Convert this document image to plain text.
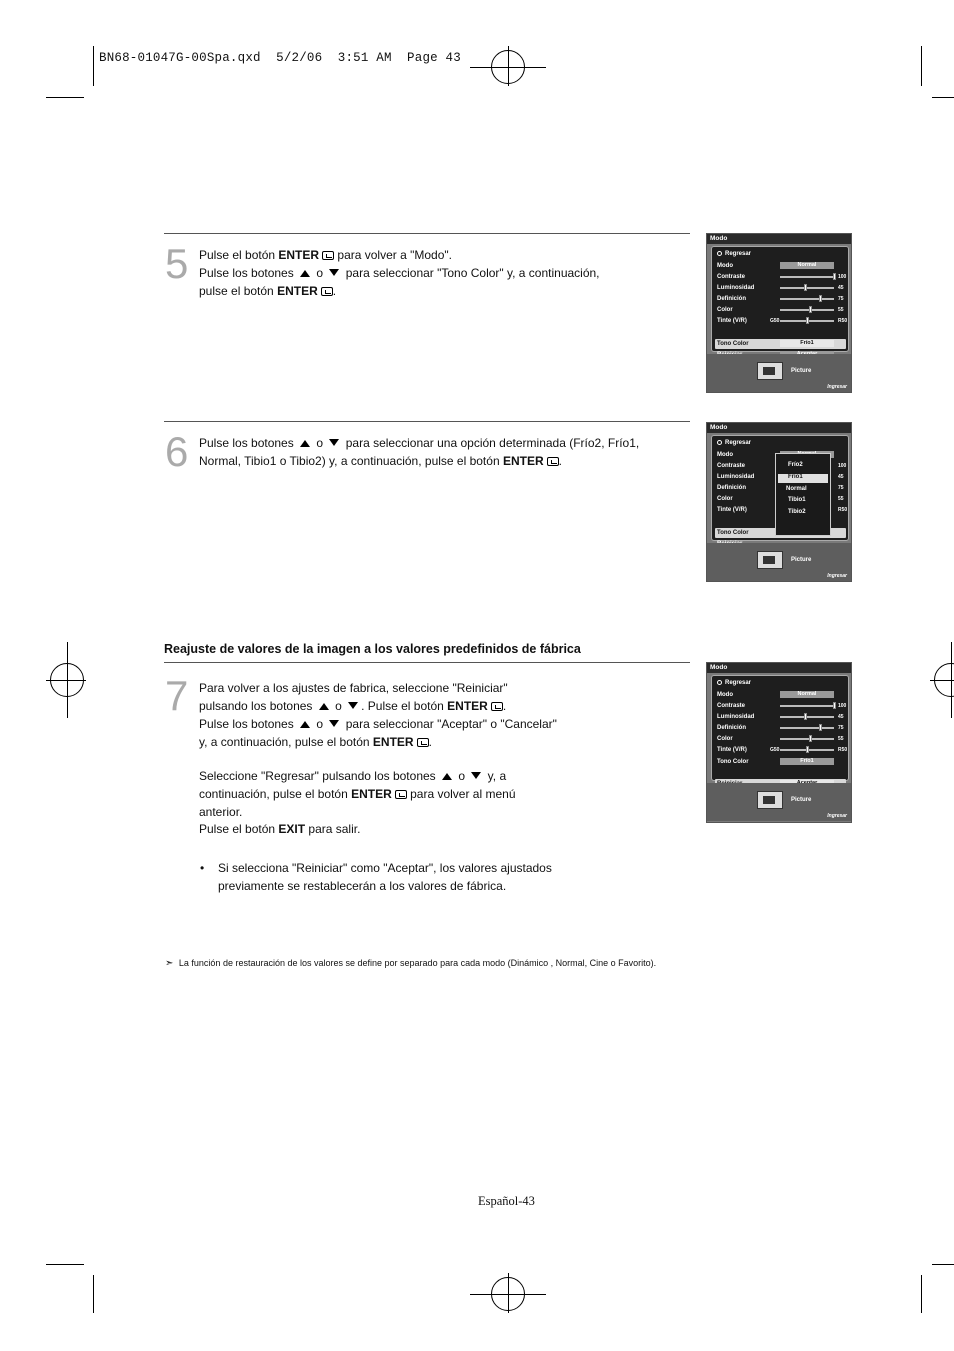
BN68-01047G-00Spa.qxd  5/2/06  3:51 AM  Page 43
5 Pulse el botón ENTER para volver a "Modo".
Pulse los botones  o  para seleccionar "Tono Color" y, a continuación,
pulse el botón ENTER .
6 Pulse los botones  o  para seleccionar una opción determinada (Frío2, Frío1,
Normal, Tibio1 o Tibio2) y, a continuación, pulse el botón ENTER .
Reajuste de valores de la imagen a los valores predefinidos de fábrica
7 Para volver a los ajustes de fabrica, seleccione "Reiniciar"
pulsando los botones  o . Pulse el botón ENTER .
Pulse los botones  o  para seleccionar "Aceptar" o "Cancelar"
y, a continuación, pulse el botón ENTER .
Seleccione "Regresar" pulsando los botones  o  y, a
continuación, pulse el botón ENTER para volver al menú
anterior.
Pulse el botón EXIT para salir.
• Si selecciona "Reiniciar" como "Aceptar", los valores ajustados
previamente se restablecerán a los valores de fábrica.
➣ La función de restauración de los valores se define por separado para cada modo (Dinámico , Normal, Cine o Favorito).
Español-43
Modo
Regresar
Modo	Normal
Contraste	100
Luminosidad	45
Definición	75
Color	55
Tinte (V/R)	G50	R50
Tono Color	Frío1
Picture
Ingresar
Modo
Regresar
Modo
Contraste	100
Luminosidad	45
Definición	75
Color	55
Tinte (V/R)	R50
Tono Color
Frío2
Frío1
Normal
Tibio1
Tibio2
Picture
Ingresar
Modo
Regresar
Modo	Normal
Contraste	100
Luminosidad	45
Definición	75
Color	55
Tinte (V/R)	G50	R50
Tono Color	Frío1
Picture
Ingresar
